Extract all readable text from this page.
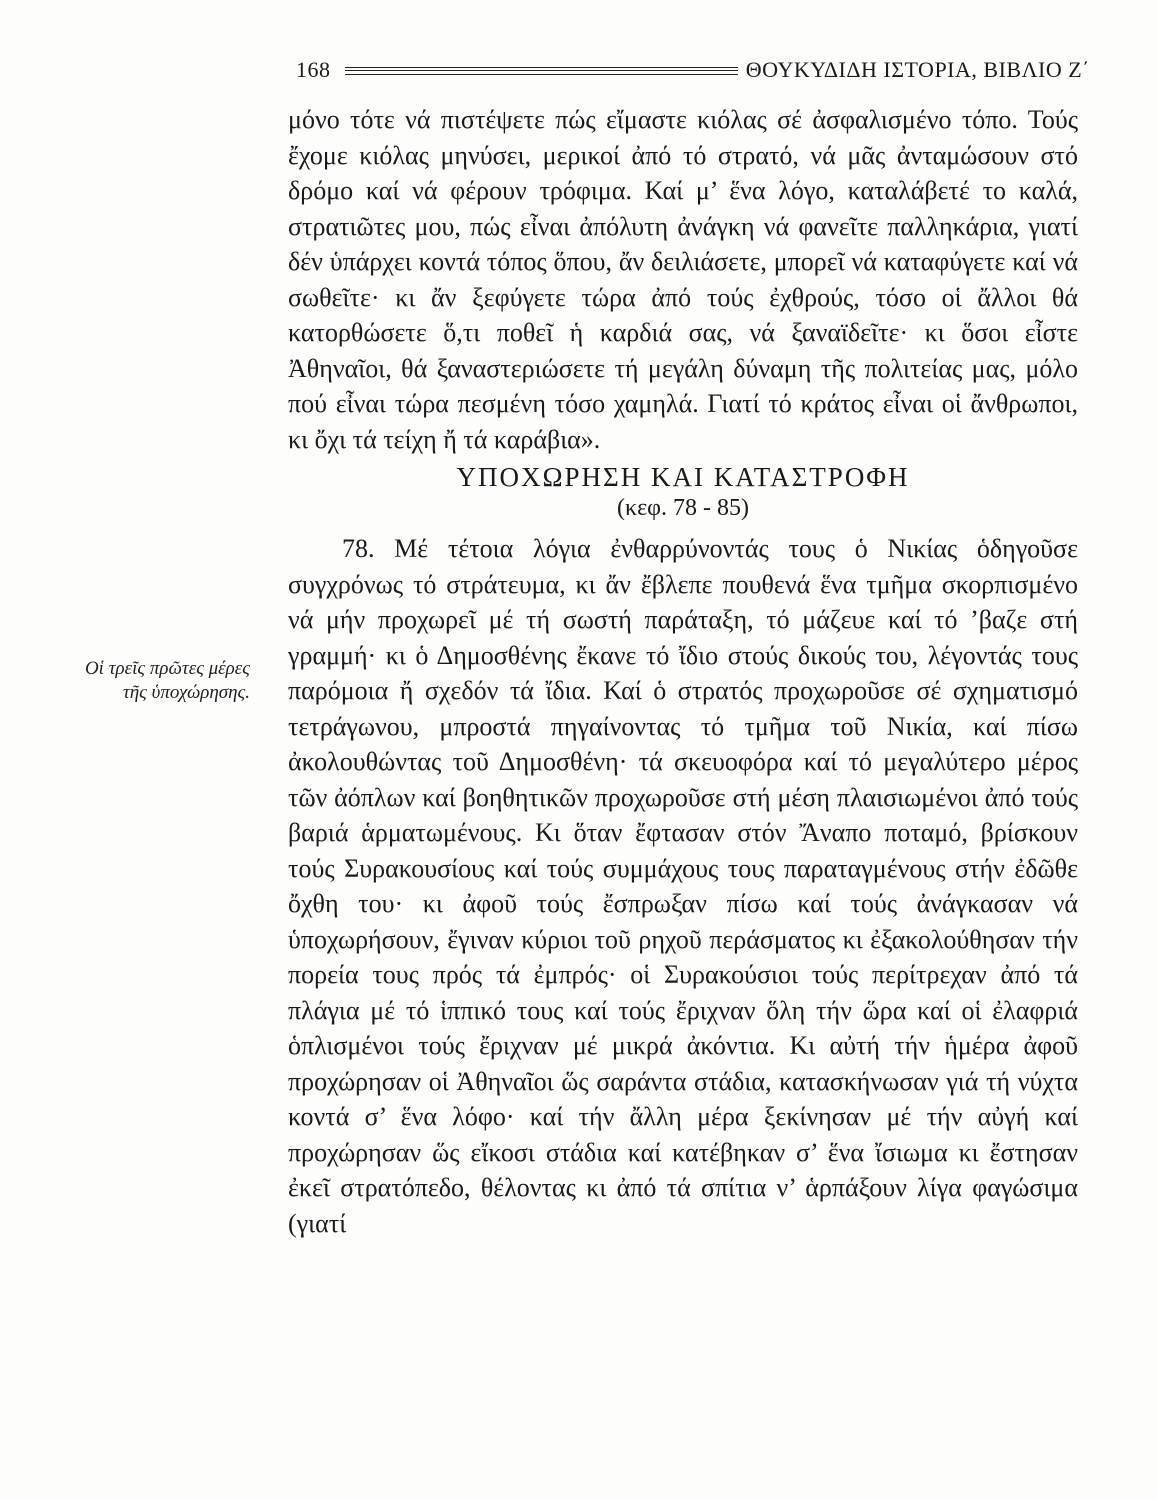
168	ΘΟΥΚΥΔΙΔΗ ΙΣΤΟΡΙΑ, ΒΙΒΛΙΟ Ζ΄
Οἱ τρεῖς πρῶτες μέρες τῆς ὑποχώρησης.

μόνο τότε νά πιστέψετε πώς εἴμαστε κιόλας σέ ἀσφαλισμένο τόπο. Τούς ἔχομε κιόλας μηνύσει, μερικοί ἀπό τό στρατό, νά μᾶς ἀνταμώσουν στό δρόμο καί νά φέρουν τρόφιμα. Καί μ’ ἕνα λόγο, καταλάβετέ το καλά, στρατιῶτες μου, πώς εἶναι ἀπόλυτη ἀνάγκη νά φανεῖτε παλληκάρια, γιατί δέν ὑπάρχει κοντά τόπος ὅπου, ἄν δειλιάσετε, μπορεῖ νά καταφύγετε καί νά σωθεῖτε· κι ἄν ξεφύγετε τώρα ἀπό τούς ἐχθρούς, τόσο οἱ ἄλλοι θά κατορθώσετε ὅ,τι ποθεῖ ἡ καρδιά σας, νά ξαναϊδεῖτε· κι ὅσοι εἶστε Ἀθηναῖοι, θά ξαναστεριώσετε τή μεγάλη δύναμη τῆς πολιτείας μας, μόλο πού εἶναι τώρα πεσμένη τόσο χαμηλά. Γιατί τό κράτος εἶναι οἱ ἄνθρωποι, κι ὄχι τά τείχη ἤ τά καράβια».

ΥΠΟΧΩΡΗΣΗ ΚΑΙ ΚΑΤΑΣΤΡΟΦΗ
(κεφ. 78 - 85)

78. Μέ τέτοια λόγια ἐνθαρρύνοντάς τους ὁ Νικίας ὁδηγοῦσε συγχρόνως τό στράτευμα, κι ἄν ἔβλεπε πουθενά ἕνα τμῆμα σκορπισμένο νά μήν προχωρεῖ μέ τή σωστή παράταξη, τό μάζευε καί τό ’βαζε στή γραμμή· κι ὁ Δημοσθένης ἔκανε τό ἴδιο στούς δικούς του, λέγοντάς τους παρόμοια ἤ σχεδόν τά ἴδια. Καί ὁ στρατός προχωροῦσε σέ σχηματισμό τετράγωνου, μπροστά πηγαίνοντας τό τμῆμα τοῦ Νικία, καί πίσω ἀκολουθώντας τοῦ Δημοσθένη· τά σκευοφόρα καί τό μεγαλύτερο μέρος τῶν ἀόπλων καί βοηθητικῶν προχωροῦσε στή μέση πλαισιωμένοι ἀπό τούς βαριά ἁρματωμένους. Κι ὅταν ἔφτασαν στόν Ἄναπο ποταμό, βρίσκουν τούς Συρακουσίους καί τούς συμμάχους τους παραταγμένους στήν ἐδῶθε ὄχθη του· κι ἀφοῦ τούς ἔσπρωξαν πίσω καί τούς ἀνάγκασαν νά ὑποχωρήσουν, ἔγιναν κύριοι τοῦ ρηχοῦ περάσματος κι ἐξακολούθησαν τήν πορεία τους πρός τά ἐμπρός· οἱ Συρακούσιοι τούς περίτρεχαν ἀπό τά πλάγια μέ τό ἱππικό τους καί τούς ἔριχναν ὅλη τήν ὥρα καί οἱ ἐλαφριά ὁπλισμένοι τούς ἔριχναν μέ μικρά ἀκόντια. Κι αὐτή τήν ἡμέρα ἀφοῦ προχώρησαν οἱ Ἀθηναῖοι ὥς σαράντα στάδια, κατασκήνωσαν γιά τή νύχτα κοντά σ’ ἕνα λόφο· καί τήν ἄλλη μέρα ξεκίνησαν μέ τήν αὐγή καί προχώρησαν ὥς εἴκοσι στάδια καί κατέβηκαν σ’ ἕνα ἴσιωμα κι ἔστησαν ἐκεῖ στρατόπεδο, θέλοντας κι ἀπό τά σπίτια ν’ ἁρπάξουν λίγα φαγώσιμα (γιατί
